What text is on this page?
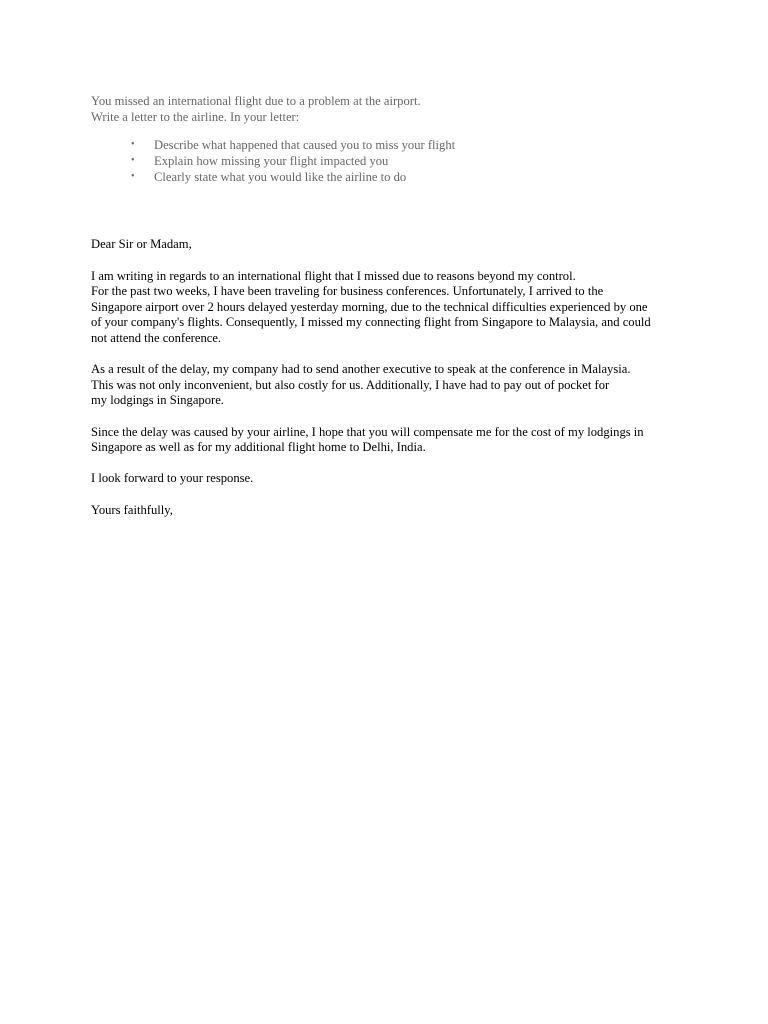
You missed an international flight due to a problem at the airport.

Write a letter to the airline. In your letter:

• Describe what happened that caused you to miss your flight
• Explain how missing your flight impacted you
• Clearly state what you would like the airline to do

Dear Sir or Madam,

I am writing in regards to an international flight that I missed due to reasons beyond my control.

For the past two weeks, I have been traveling for business conferences. Unfortunately, I arrived to the

Singapore airport over 2 hours delayed yesterday morning, due to the technical difficulties experienced by one

of your company's flights. Consequently, I missed my connecting flight from Singapore to Malaysia, and could

not attend the conference.

As a result of the delay, my company had to send another executive to speak at the conference in Malaysia.

This was not only inconvenient, but also costly for us. Additionally, I have had to pay out of pocket for

my lodgings in Singapore.

Since the delay was caused by your airline, I hope that you will compensate me for the cost of my lodgings in

Singapore as well as for my additional flight home to Delhi, India.

I look forward to your response.

Yours faithfully,
